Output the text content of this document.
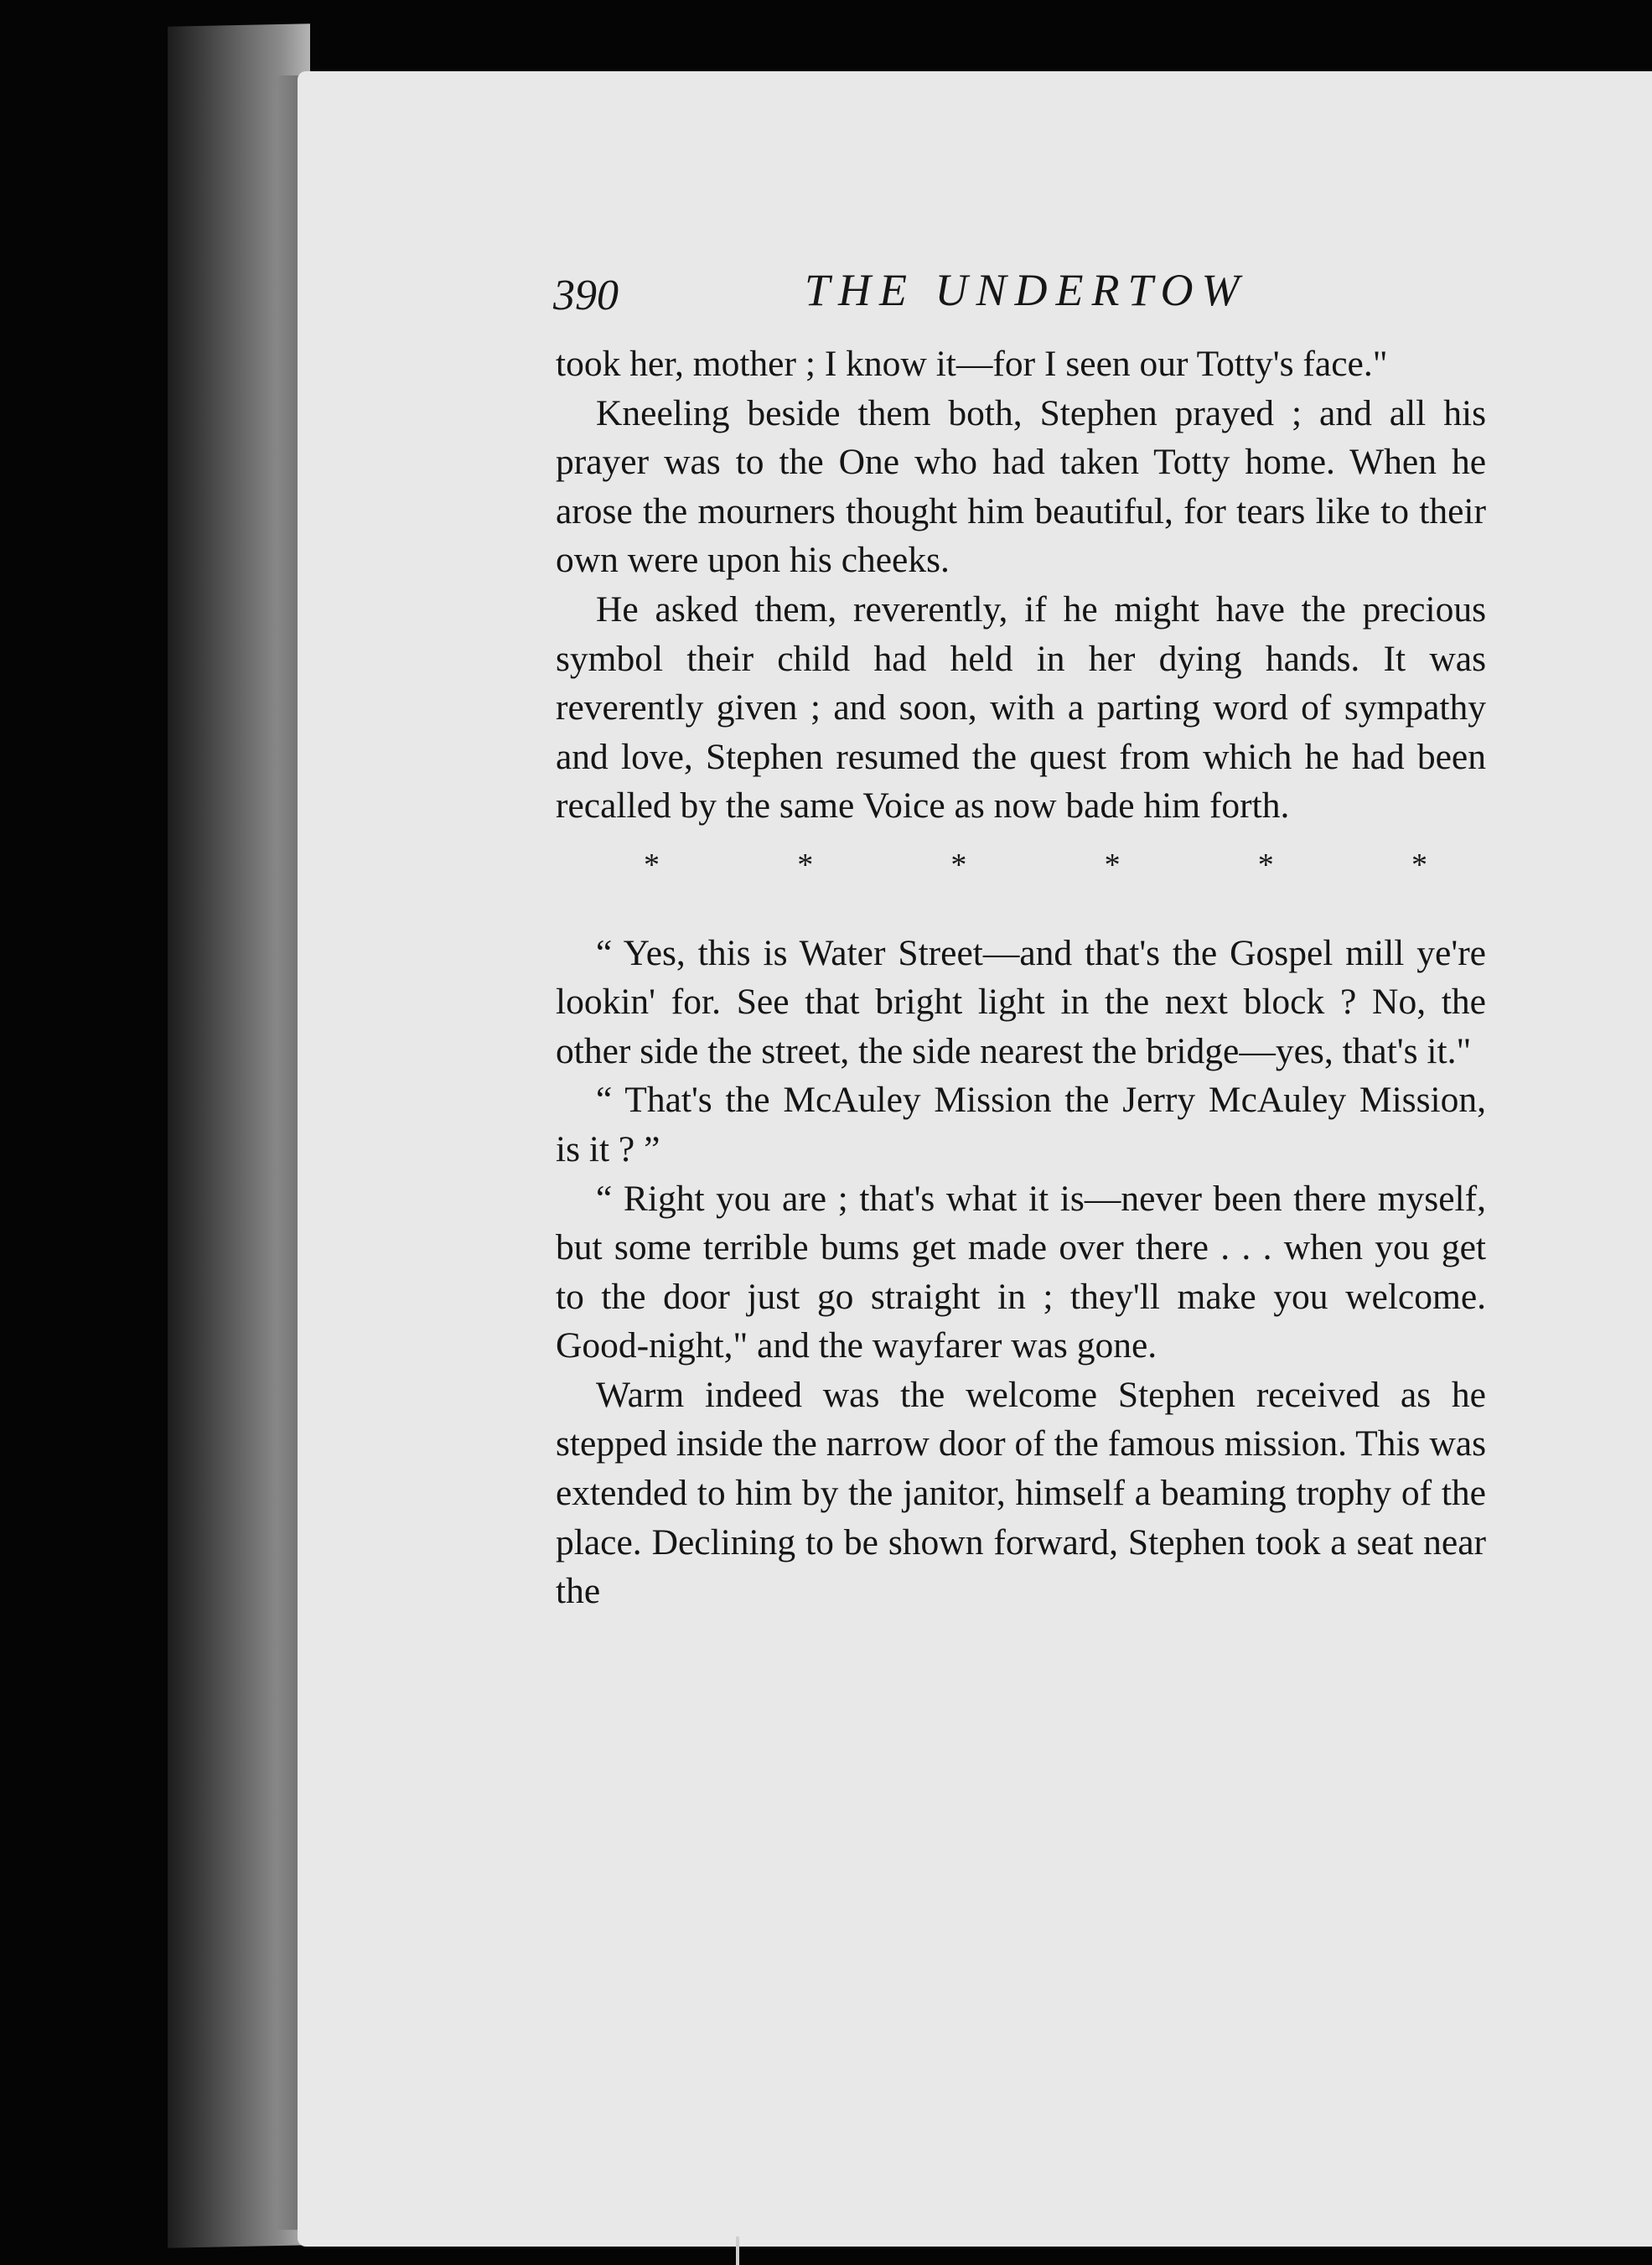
390	THE UNDERTOW

took her, mother ; I know it—for I seen our Totty's face."

Kneeling beside them both, Stephen prayed ; and all his prayer was to the One who had taken Totty home. When he arose the mourners thought him beautiful, for tears like to their own were upon his cheeks.

He asked them, reverently, if he might have the precious symbol their child had held in her dying hands. It was reverently given ; and soon, with a parting word of sympathy and love, Stephen resumed the quest from which he had been recalled by the same Voice as now bade him forth.

*	*	*	*	*	*

“ Yes, this is Water Street—and that's the Gospel mill ye're lookin' for. See that bright light in the next block ? No, the other side the street, the side nearest the bridge—yes, that's it."

“ That's the McAuley Mission the Jerry McAuley Mission, is it ? ”

“ Right you are ; that's what it is—never been there myself, but some terrible bums get made over there . . . when you get to the door just go straight in ; they'll make you welcome. Good-night," and the wayfarer was gone.

Warm indeed was the welcome Stephen received as he stepped inside the narrow door of the famous mission. This was extended to him by the janitor, himself a beaming trophy of the place. Declining to be shown forward, Stephen took a seat near the
